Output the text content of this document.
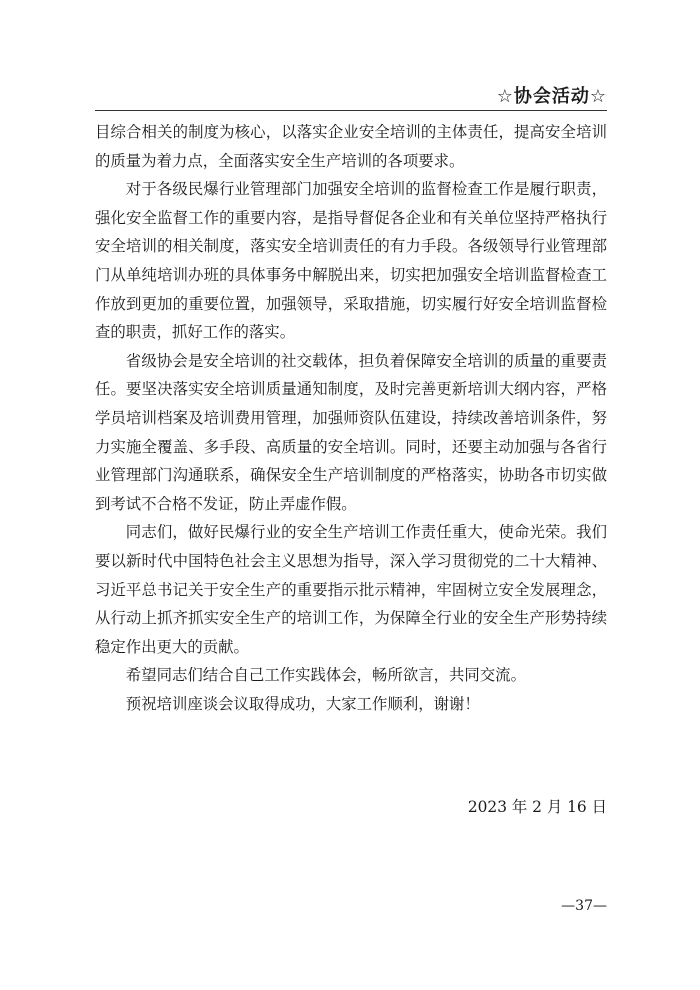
☆协会活动☆

目综合相关的制度为核心，以落实企业安全培训的主体责任，提高安全培训的质量为着力点，全面落实安全生产培训的各项要求。

对于各级民爆行业管理部门加强安全培训的监督检查工作是履行职责，强化安全监督工作的重要内容，是指导督促各企业和有关单位坚持严格执行安全培训的相关制度，落实安全培训责任的有力手段。各级领导行业管理部门从单纯培训办班的具体事务中解脱出来，切实把加强安全培训监督检查工作放到更加的重要位置，加强领导，采取措施，切实履行好安全培训监督检查的职责，抓好工作的落实。

省级协会是安全培训的社交载体，担负着保障安全培训的质量的重要责任。要坚决落实安全培训质量通知制度，及时完善更新培训大纲内容，严格学员培训档案及培训费用管理，加强师资队伍建设，持续改善培训条件，努力实施全覆盖、多手段、高质量的安全培训。同时，还要主动加强与各省行业管理部门沟通联系，确保安全生产培训制度的严格落实，协助各市切实做到考试不合格不发证，防止弄虚作假。

同志们，做好民爆行业的安全生产培训工作责任重大，使命光荣。我们要以新时代中国特色社会主义思想为指导，深入学习贯彻党的二十大精神、习近平总书记关于安全生产的重要指示批示精神，牢固树立安全发展理念，从行动上抓齐抓实安全生产的培训工作，为保障全行业的安全生产形势持续稳定作出更大的贡献。

希望同志们结合自己工作实践体会，畅所欲言，共同交流。

预祝培训座谈会议取得成功，大家工作顺利，谢谢！

2023 年 2 月 16 日
—37—
